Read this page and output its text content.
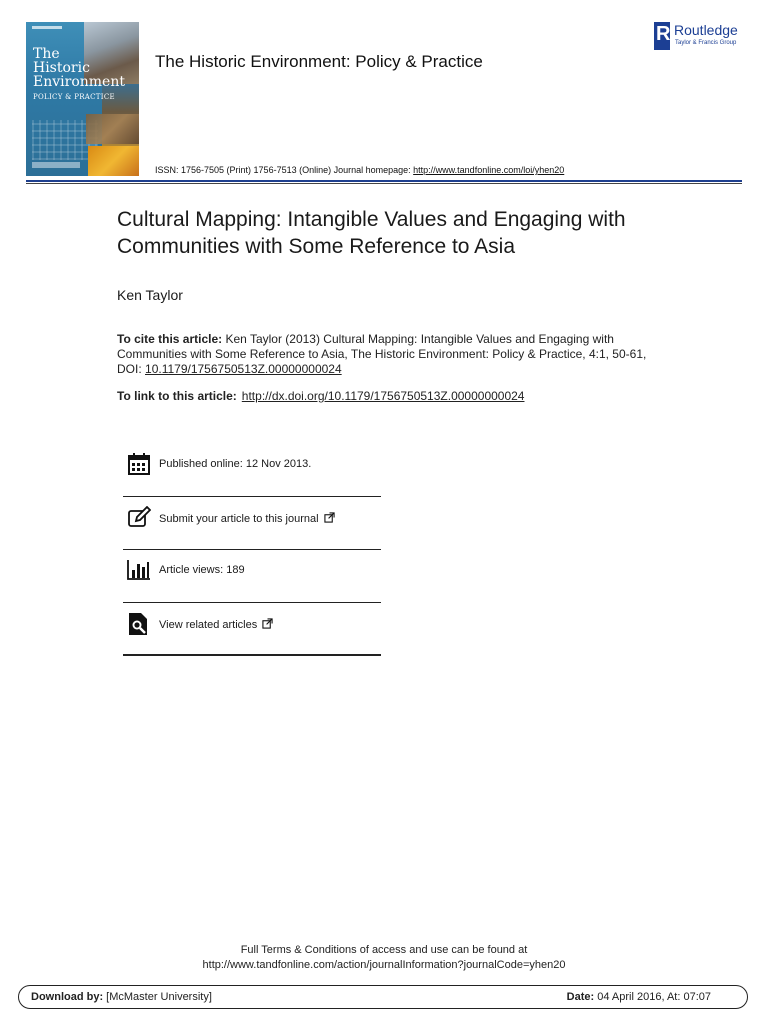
The
Historic
Environment
POLICY & PRACTICE
The Historic Environment: Policy & Practice
ISSN: 1756-7505 (Print) 1756-7513 (Online) Journal homepage: http://www.tandfonline.com/loi/yhen20
R Routledge
Taylor & Francis Group
Cultural Mapping: Intangible Values and Engaging with Communities with Some Reference to Asia
Ken Taylor
To cite this article: Ken Taylor (2013) Cultural Mapping: Intangible Values and Engaging with Communities with Some Reference to Asia, The Historic Environment: Policy & Practice, 4:1, 50-61, DOI: 10.1179/1756750513Z.00000000024
To link to this article: http://dx.doi.org/10.1179/1756750513Z.00000000024
Published online: 12 Nov 2013.
Submit your article to this journal
Article views: 189
View related articles
Full Terms & Conditions of access and use can be found at
http://www.tandfonline.com/action/journalInformation?journalCode=yhen20
Download by: [McMaster University]	Date: 04 April 2016, At: 07:07
